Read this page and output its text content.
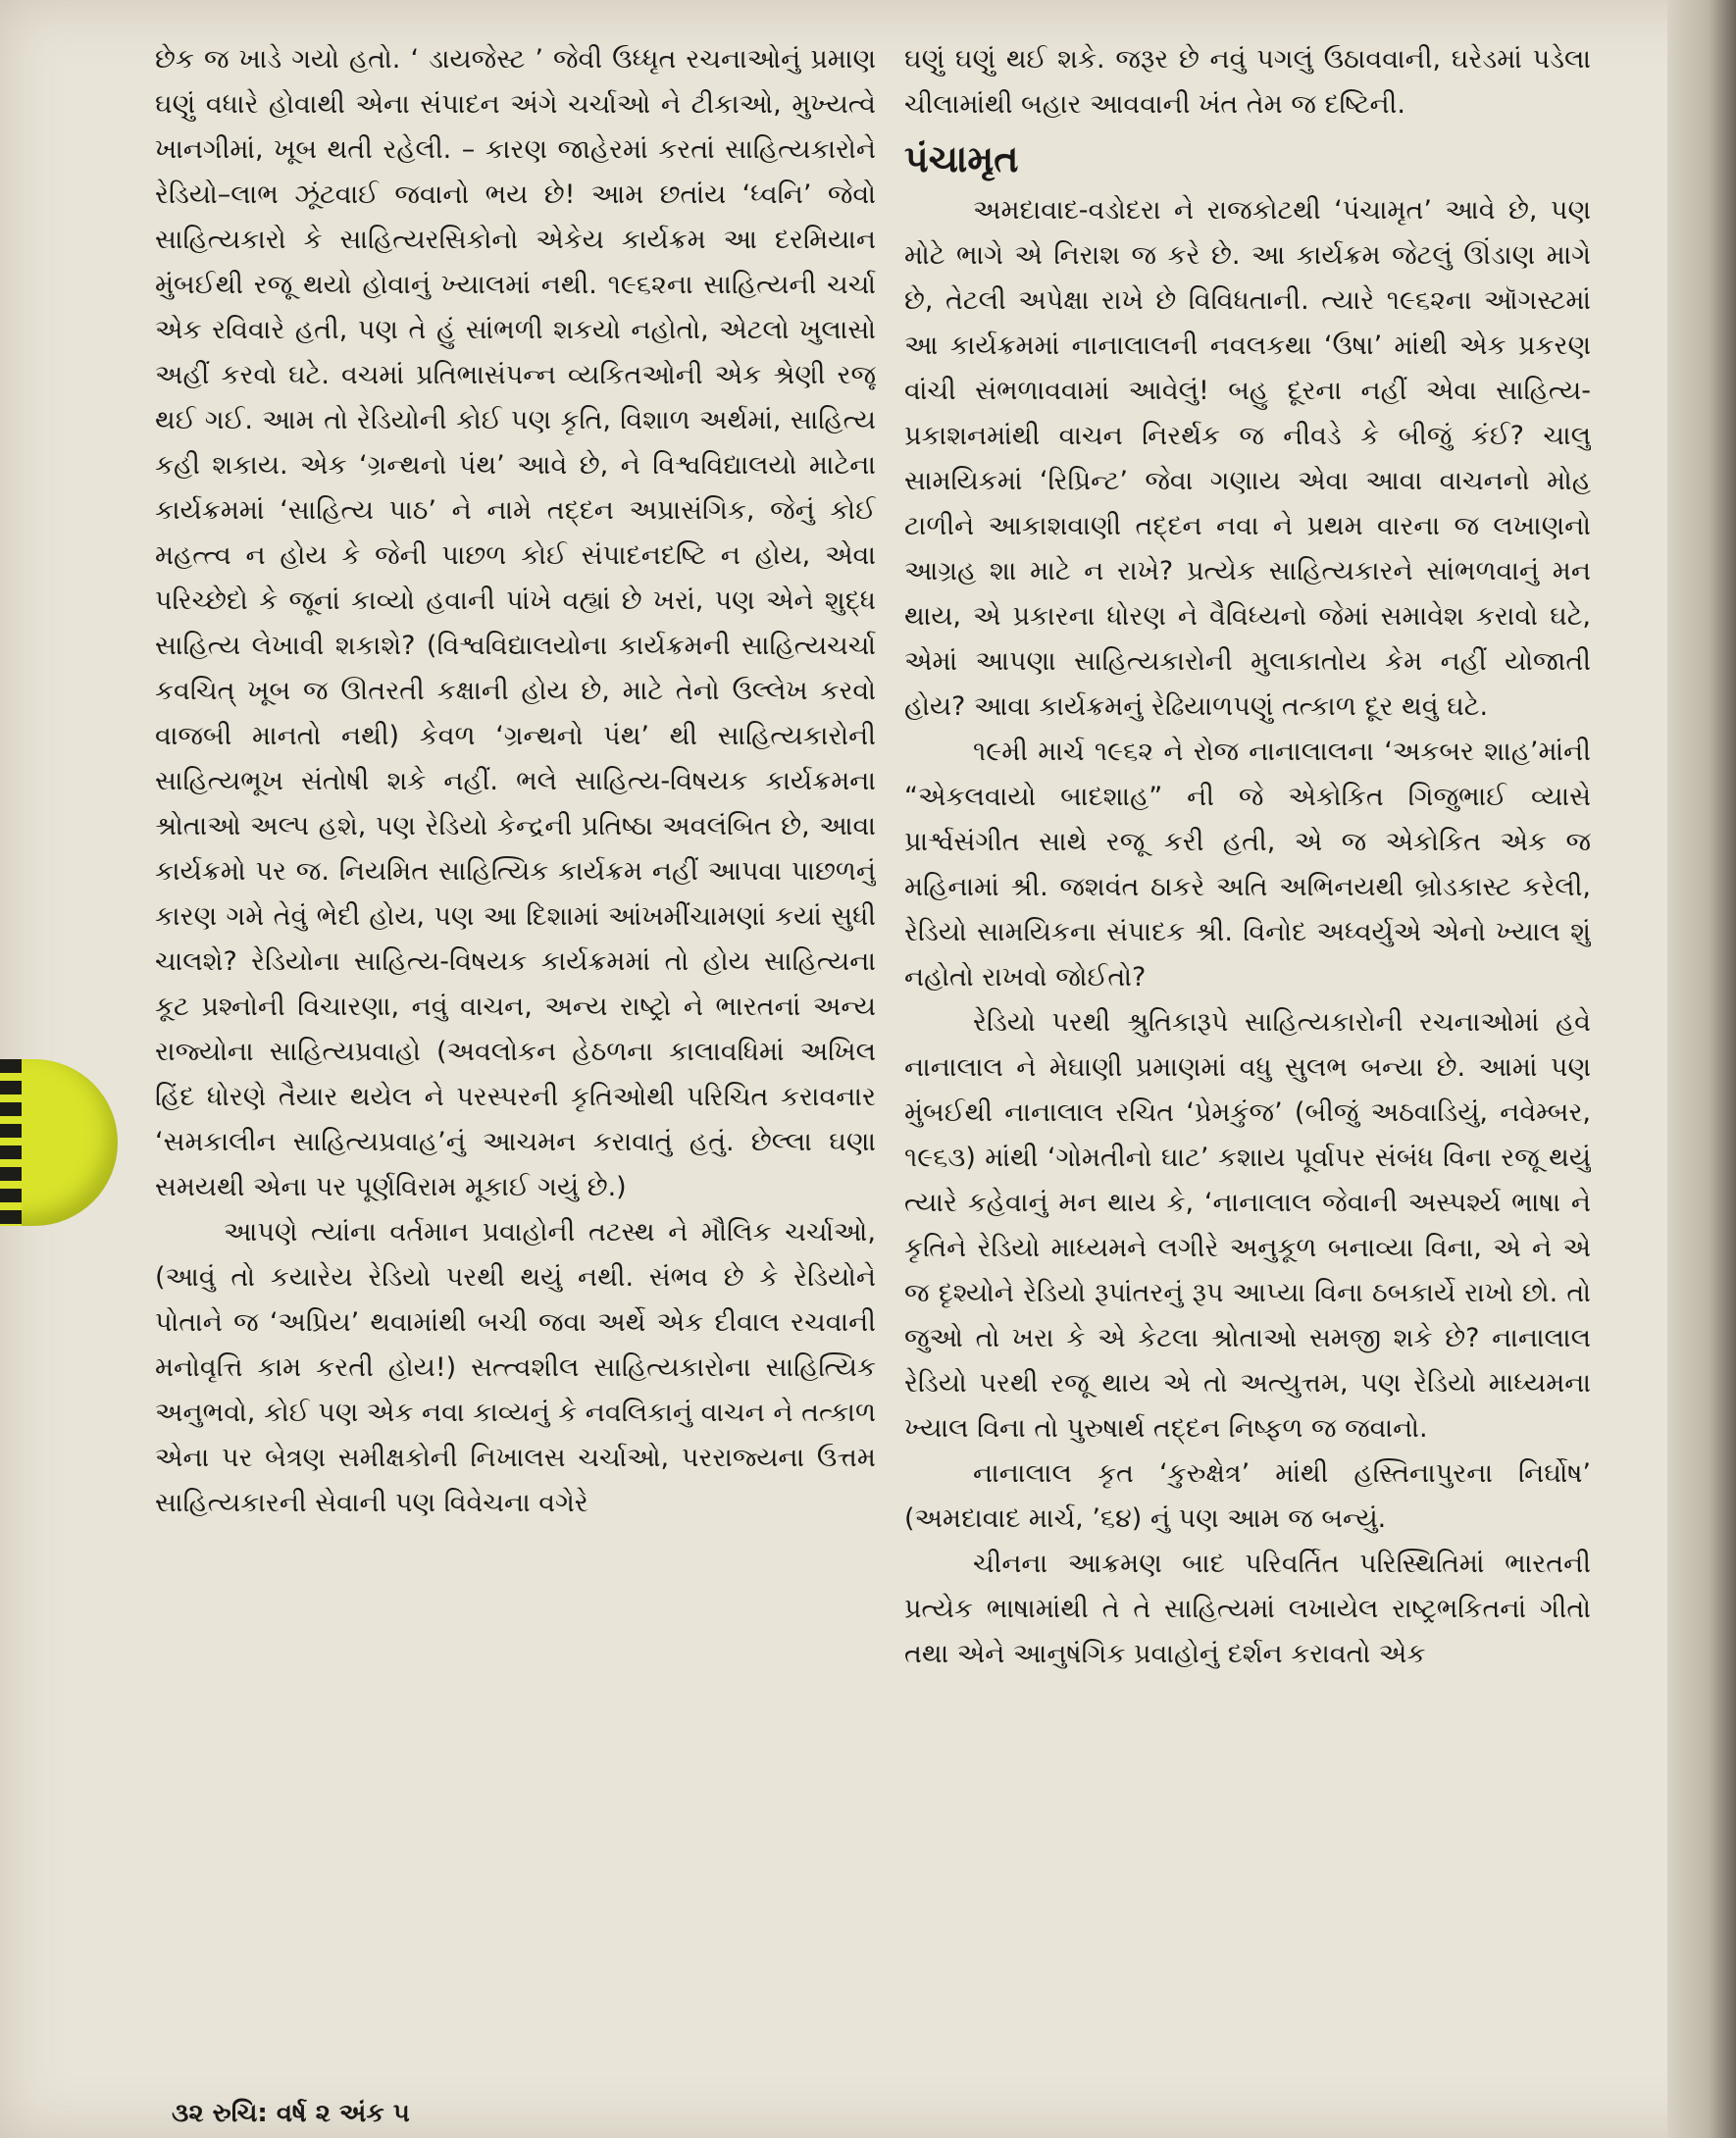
છેક જ ખાડે ગયો હતો. ‘ ડાયજેસ્ટ ’ જેવી ઉધ્ધૃત રચનાઓનું પ્રમાણ ઘણું વધારે હોવાથી એના સંપાદન અંગે ચર્ચાઓ ને ટીકાઓ, મુખ્યત્વે ખાનગીમાં, ખૂબ થતી રહેલી. – કારણ જાહેરમાં કરતાં સાહિત્યકારોને રેડિયો–લાભ ઝૂંટવાઈ જવાનો ભય છે! આમ છતાંય ‘ધ્વનિ’ જેવો સાહિત્યકારો કે સાહિત્યરસિકોનો એકેય કાર્યક્રમ આ દરમિયાન મુંબઈથી રજૂ થયો હોવાનું ખ્યાલમાં નથી. ૧૯૬૨ના સાહિત્યની ચર્ચા એક રવિવારે હતી, પણ તે હું સાંભળી શકયો નહોતો, એટલો ખુલાસો અહીં કરવો ઘટે. વચમાં પ્રતિભાસંપન્ન વ્યકિતઓની એક શ્રેણી રજૂ થઈ ગઈ. આમ તો રેડિયોની કોઈ પણ કૃતિ, વિશાળ અર્થમાં, સાહિત્ય કહી શકાય. એક ‘ગ્રન્થનો પંથ’ આવે છે, ને વિશ્વવિદ્યાલયો માટેના કાર્યક્રમમાં ‘સાહિત્ય પાઠ’ ને નામે તદ્દન અપ્રાસંગિક, જેનું કોઈ મહત્ત્વ ન હોય કે જેની પાછળ કોઈ સંપાદનદષ્ટિ ન હોય, એવા પરિચ્છેદો કે જૂનાં કાવ્યો હવાની પાંખે વહ્યાં છે ખરાં, પણ એને શુદ્ધ સાહિત્ય લેખાવી શકાશે? (વિશ્વવિદ્યાલયોના કાર્યક્રમની સાહિત્યચર્ચા કવચિત્ ખૂબ જ ઊતરતી કક્ષાની હોય છે, માટે તેનો ઉલ્લેખ કરવો વાજબી માનતો નથી) કેવળ ‘ગ્રન્થનો પંથ’ થી સાહિત્યકારોની સાહિત્યભૂખ સંતોષી શકે નહીં. ભલે સાહિત્ય-વિષયક કાર્યક્રમના શ્રોતાઓ અલ્પ હશે, પણ રેડિયો કેન્દ્રની પ્રતિષ્ઠા અવલંબિત છે, આવા કાર્યક્રમો પર જ. નિયમિત સાહિત્યિક કાર્યક્રમ નહીં આપવા પાછળનું કારણ ગમે તેવું ભેદી હોય, પણ આ દિશામાં આંખમીંચામણાં કયાં સુધી ચાલશે? રેડિયોના સાહિત્ય-વિષયક કાર્યક્રમમાં તો હોય સાહિત્યના કૂટ પ્રશ્નોની વિચારણા, નવું વાચન, અન્ય રાષ્ટ્રો ને ભારતનાં અન્ય રાજ્યોના સાહિત્યપ્રવાહો (અવલોકન હેઠળના કાલાવધિમાં અખિલ હિંદ ધોરણે તૈયાર થયેલ ને પરસ્પરની કૃતિઓથી પરિચિત કરાવનાર ‘સમકાલીન સાહિત્યપ્રવાહ’નું આચમન કરાવાતું હતું. છેલ્લા ઘણા સમયથી એના પર પૂર્ણવિરામ મૂકાઈ ગયું છે.)

આપણે ત્યાંના વર્તમાન પ્રવાહોની તટસ્થ ને મૌલિક ચર્ચાઓ, (આવું તો કયારેય રેડિયો પરથી થયું નથી. સંભવ છે કે રેડિયોને પોતાને જ ‘અપ્રિય’ થવામાંથી બચી જવા અર્થે એક દીવાલ રચવાની મનોવૃત્તિ કામ કરતી હોય!) સત્ત્વશીલ સાહિત્યકારોના સાહિત્યિક અનુભવો, કોઈ પણ એક નવા કાવ્યનું કે નવલિકાનું વાચન ને તત્કાળ એના પર બેત્રણ સમીક્ષકોની નિખાલસ ચર્ચાઓ, પરરાજ્યના ઉત્તમ સાહિત્યકારની સેવાની પણ વિવેચના વગેરે

ઘણું ઘણું થઈ શકે. જરૂર છે નવું પગલું ઉઠાવવાની, ઘરેડમાં પડેલા ચીલામાંથી બહાર આવવાની ખંત તેમ જ દષ્ટિની.

પંચામૃત

અમદાવાદ-વડોદરા ને રાજકોટથી ‘પંચામૃત’ આવે છે, પણ મોટે ભાગે એ નિરાશ જ કરે છે. આ કાર્યક્રમ જેટલું ઊંડાણ માગે છે, તેટલી અપેક્ષા રાખે છે વિવિધતાની. ત્યારે ૧૯૬૨ના ઑગસ્ટમાં આ કાર્યક્રમમાં નાનાલાલની નવલકથા ‘ઉષા’ માંથી એક પ્રકરણ વાંચી સંભળાવવામાં આવેલું! બહુ દૂરના નહીં એવા સાહિત્ય-પ્રકાશનમાંથી વાચન નિરર્થક જ નીવડે કે બીજું કંઈ? ચાલુ સામયિકમાં ‘રિપ્રિન્ટ’ જેવા ગણાય એવા આવા વાચનનો મોહ ટાળીને આકાશવાણી તદ્દન નવા ને પ્રથમ વારના જ લખાણનો આગ્રહ શા માટે ન રાખે? પ્રત્યેક સાહિત્યકારને સાંભળવાનું મન થાય, એ પ્રકારના ધોરણ ને વૈવિધ્યનો જેમાં સમાવેશ કરાવો ઘટે, એમાં આપણા સાહિત્યકારોની મુલાકાતોય કેમ નહીં યોજાતી હોય? આવા કાર્યક્રમનું રેઢિયાળપણું તત્કાળ દૂર થવું ઘટે.

૧૯મી માર્ચ ૧૯૬૨ ને રોજ નાનાલાલના ‘અકબર શાહ’માંની “એકલવાયો બાદશાહ” ની જે એકોકિત ગિજુભાઈ વ્યાસે પ્રાર્શ્વસંગીત સાથે રજૂ કરી હતી, એ જ એકોકિત એક જ મહિનામાં શ્રી. જશવંત ઠાકરે અતિ અભિનયથી બ્રોડકાસ્ટ કરેલી, રેડિયો સામયિકના સંપાદક શ્રી. વિનોદ અધ્વર્યુએ એનો ખ્યાલ શું નહોતો રાખવો જોઈતો?

રેડિયો પરથી શ્રુતિકારૂપે સાહિત્યકારોની રચનાઓમાં હવે નાનાલાલ ને મેઘાણી પ્રમાણમાં વધુ સુલભ બન્યા છે. આમાં પણ મુંબઈથી નાનાલાલ રચિત ‘પ્રેમકુંજ’ (બીજું અઠવાડિયું, નવેમ્બર, ૧૯૬૩) માંથી ‘ગોમતીનો ઘાટ’ કશાય પૂર્વાપર સંબંધ વિના રજૂ થયું ત્યારે કહેવાનું મન થાય કે, ‘નાનાલાલ જેવાની અસ્પર્શ્ય ભાષા ને કૃતિને રેડિયો માધ્યમને લગીરે અનુકૂળ બનાવ્યા વિના, એ ને એ જ દૃશ્યોને રેડિયો રૂપાંતરનું રૂપ આપ્યા વિના ઠબકાર્યે રાખો છો. તો જુઓ તો ખરા કે એ કેટલા શ્રોતાઓ સમજી શકે છે? નાનાલાલ રેડિયો પરથી રજૂ થાય એ તો અત્યુત્તમ, પણ રેડિયો માધ્યમના ખ્યાલ વિના તો પુરુષાર્થ તદ્દન નિષ્ફળ જ જવાનો.

નાનાલાલ કૃત ‘કુરુક્ષેત્ર’ માંથી હસ્તિનાપુરના નિર્ઘોષ’ (અમદાવાદ માર્ચ, ’૬૪) નું પણ આમ જ બન્યું.

ચીનના આક્રમણ બાદ પરિવર્તિત પરિસ્થિતિમાં ભારતની પ્રત્યેક ભાષામાંથી તે તે સાહિત્યમાં લખાયેલ રાષ્ટ્રભકિતનાં ગીતો તથા એને આનુષંગિક પ્રવાહોનું દર્શન કરાવતો એક

૩૨ રુચિ: વર્ષ ૨ અંક ૫
